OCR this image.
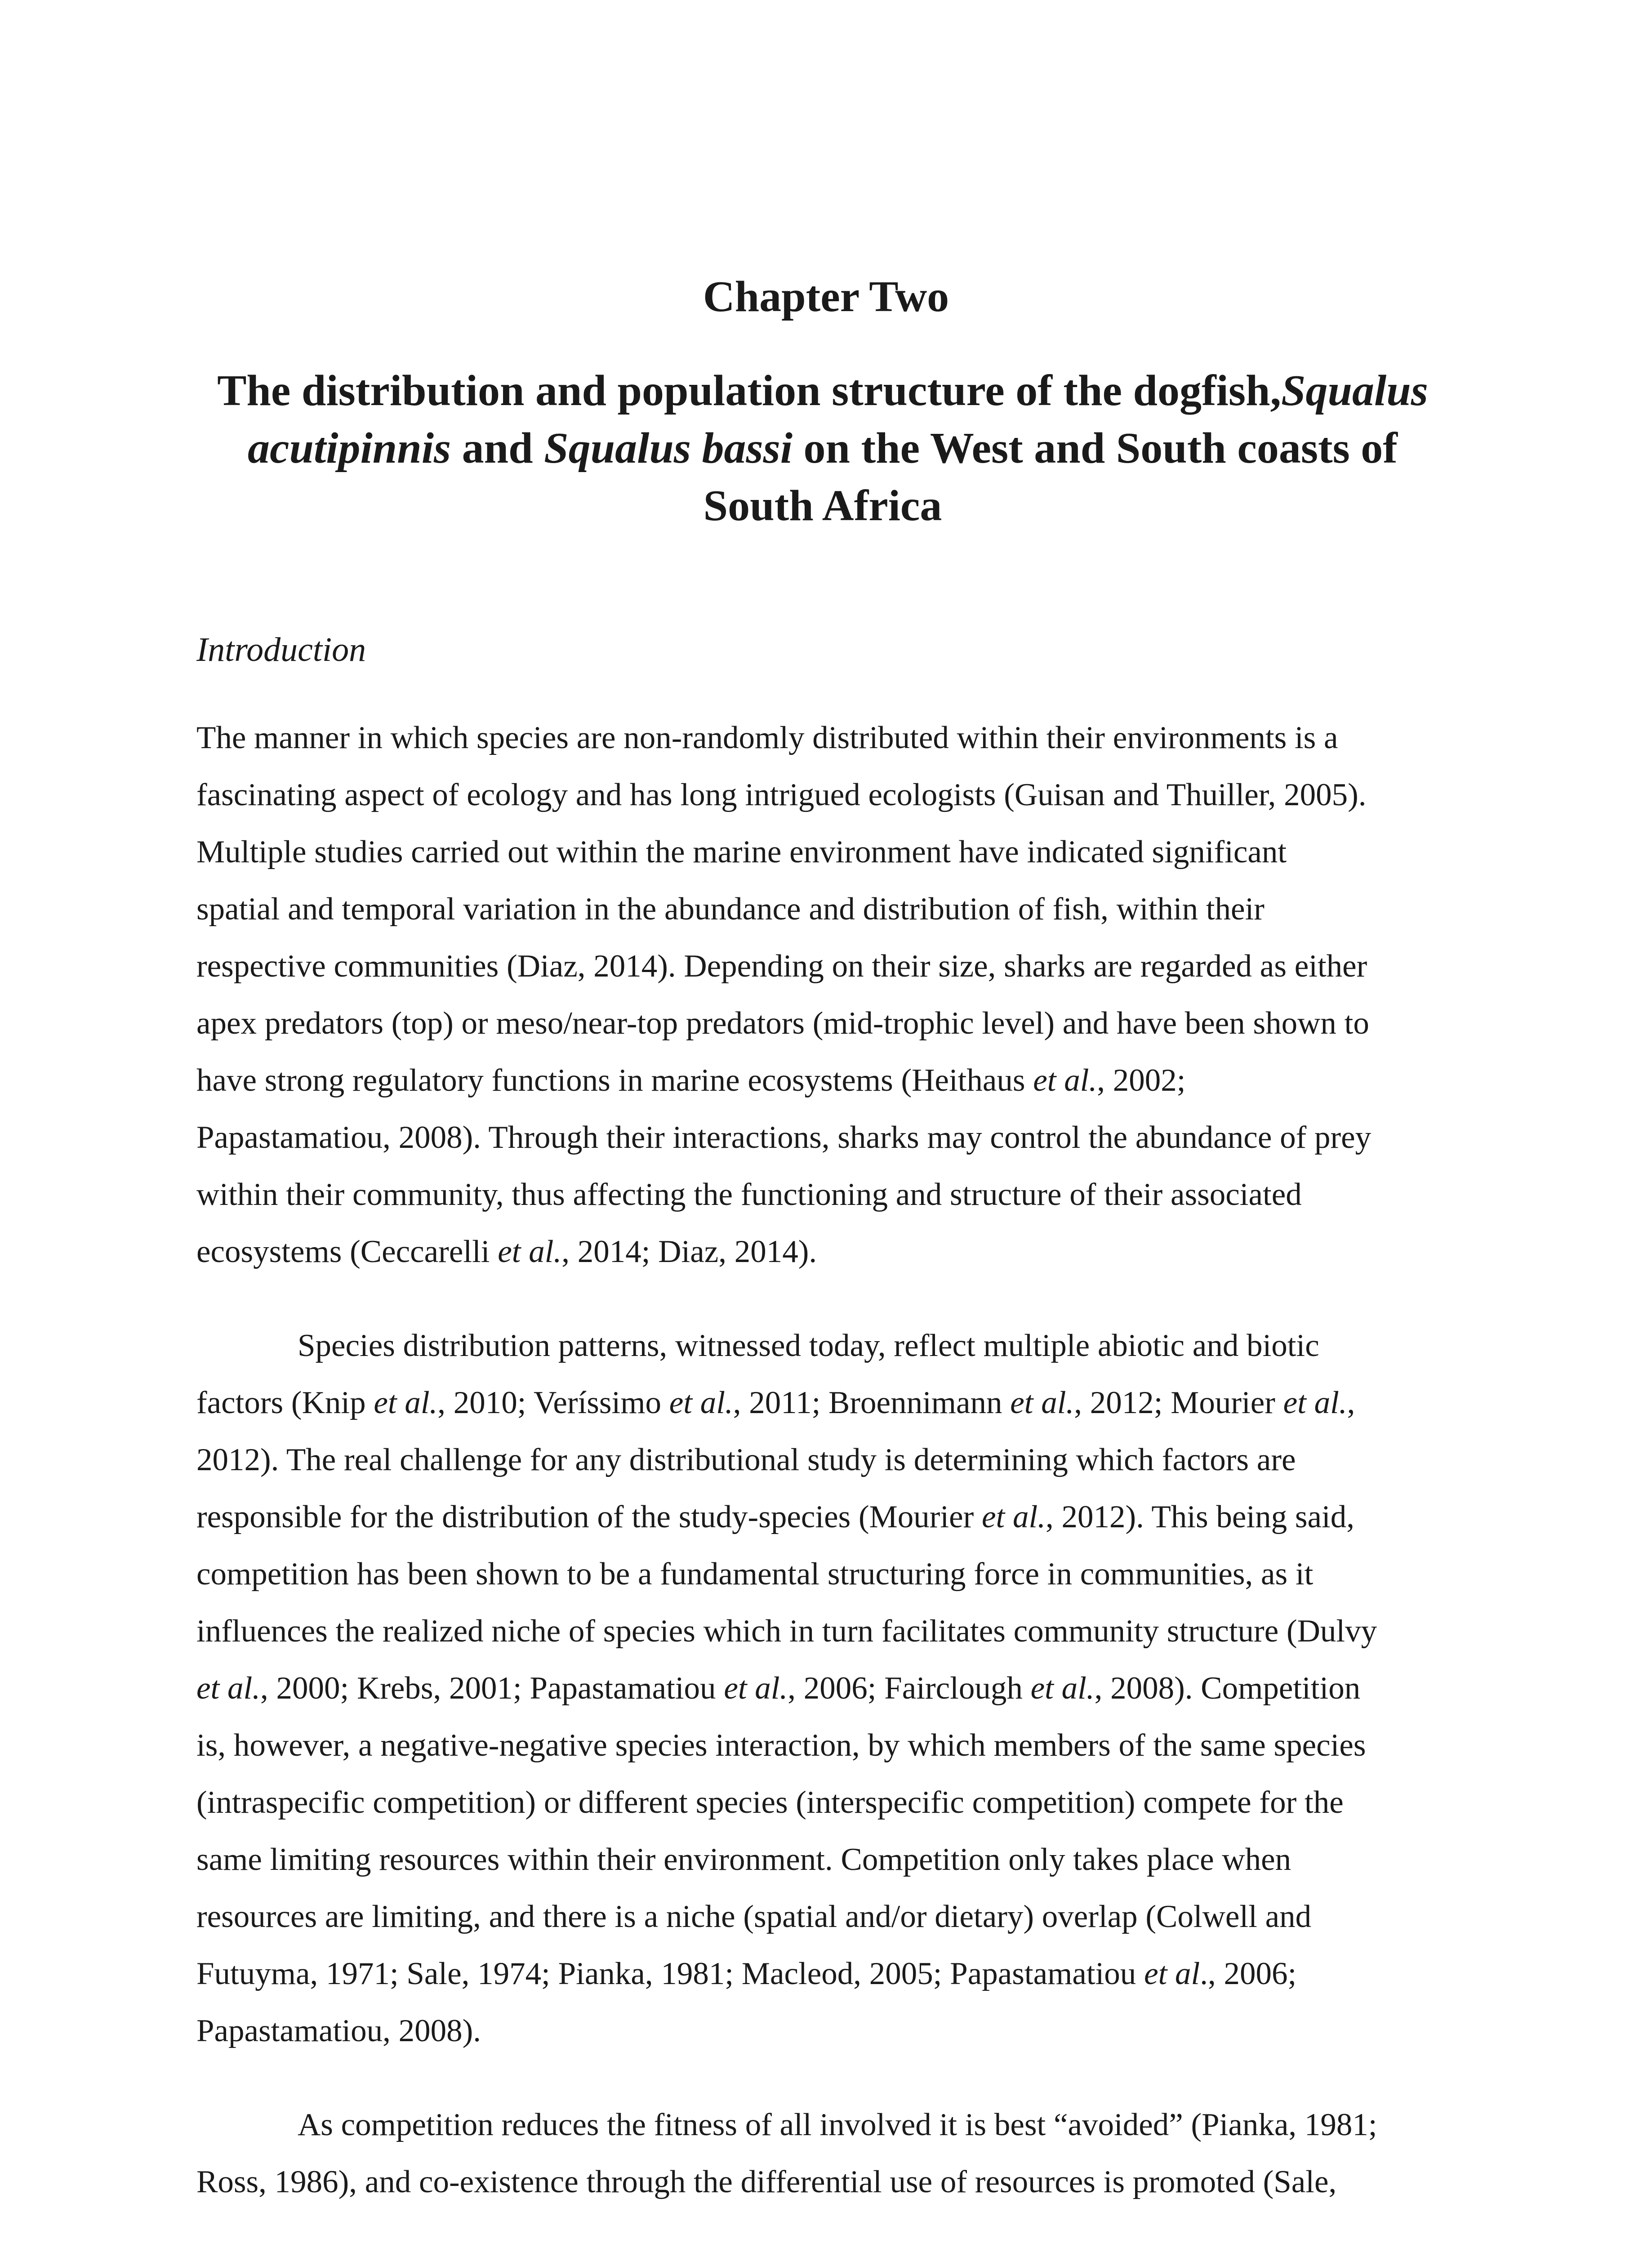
Chapter Two
The distribution and population structure of the dogfish,Squalus
acutipinnis and Squalus bassi on the West and South coasts of
South Africa
Introduction

The manner in which species are non-randomly distributed within their environments is a
fascinating aspect of ecology and has long intrigued ecologists (Guisan and Thuiller, 2005).
Multiple studies carried out within the marine environment have indicated significant
spatial and temporal variation in the abundance and distribution of fish, within their
respective communities (Diaz, 2014). Depending on their size, sharks are regarded as either
apex predators (top) or meso/near-top predators (mid-trophic level) and have been shown to
have strong regulatory functions in marine ecosystems (Heithaus et al., 2002;
Papastamatiou, 2008). Through their interactions, sharks may control the abundance of prey
within their community, thus affecting the functioning and structure of their associated
ecosystems (Ceccarelli et al., 2014; Diaz, 2014).

Species distribution patterns, witnessed today, reflect multiple abiotic and biotic
factors (Knip et al., 2010; Veríssimo et al., 2011; Broennimann et al., 2012; Mourier et al.,
2012). The real challenge for any distributional study is determining which factors are
responsible for the distribution of the study-species (Mourier et al., 2012). This being said,
competition has been shown to be a fundamental structuring force in communities, as it
influences the realized niche of species which in turn facilitates community structure (Dulvy
et al., 2000; Krebs, 2001; Papastamatiou et al., 2006; Fairclough et al., 2008). Competition
is, however, a negative-negative species interaction, by which members of the same species
(intraspecific competition) or different species (interspecific competition) compete for the
same limiting resources within their environment. Competition only takes place when
resources are limiting, and there is a niche (spatial and/or dietary) overlap (Colwell and
Futuyma, 1971; Sale, 1974; Pianka, 1981; Macleod, 2005; Papastamatiou et al., 2006;
Papastamatiou, 2008).

As competition reduces the fitness of all involved it is best “avoided” (Pianka, 1981;
Ross, 1986), and co-existence through the differential use of resources is promoted (Sale,
